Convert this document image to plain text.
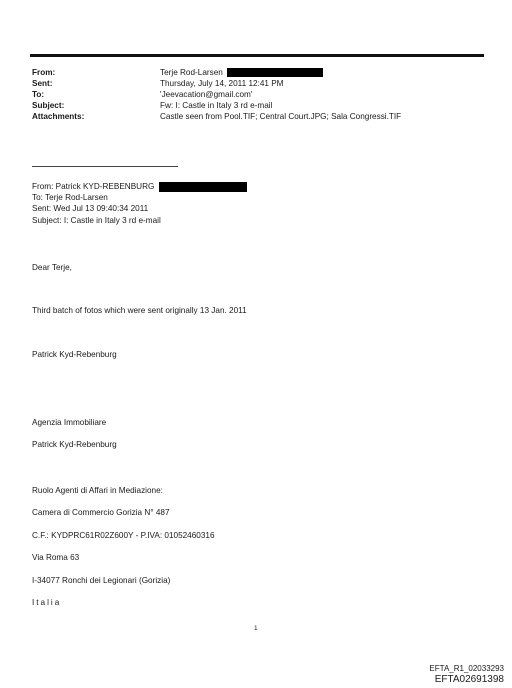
From:	Terje Rod-Larsen
Sent:	Thursday, July 14, 2011 12:41 PM
To:	'Jeevacation@gmail.com'
Subject:	Fw: I: Castle in Italy 3 rd e-mail
Attachments:	Castle seen from Pool.TIF; Central Court.JPG; Sala Congressi.TIF
From: Patrick KYD-REBENBURG
To: Terje Rod-Larsen
Sent: Wed Jul 13 09:40:34 2011
Subject: I: Castle in Italy 3 rd e-mail
Dear Terje,
Third batch of fotos which were sent originally 13 Jan. 2011
Patrick Kyd-Rebenburg
Agenzia Immobiliare
Patrick Kyd-Rebenburg
Ruolo Agenti di Affari in Mediazione:
Camera di Commercio Gorizia N° 487
C.F.: KYDPRC61R02Z600Y - P.IVA: 01052460316
Via Roma 63
I-34077 Ronchi dei Legionari (Gorizia)
Italia
1
EFTA_R1_02033293
EFTA02691398
